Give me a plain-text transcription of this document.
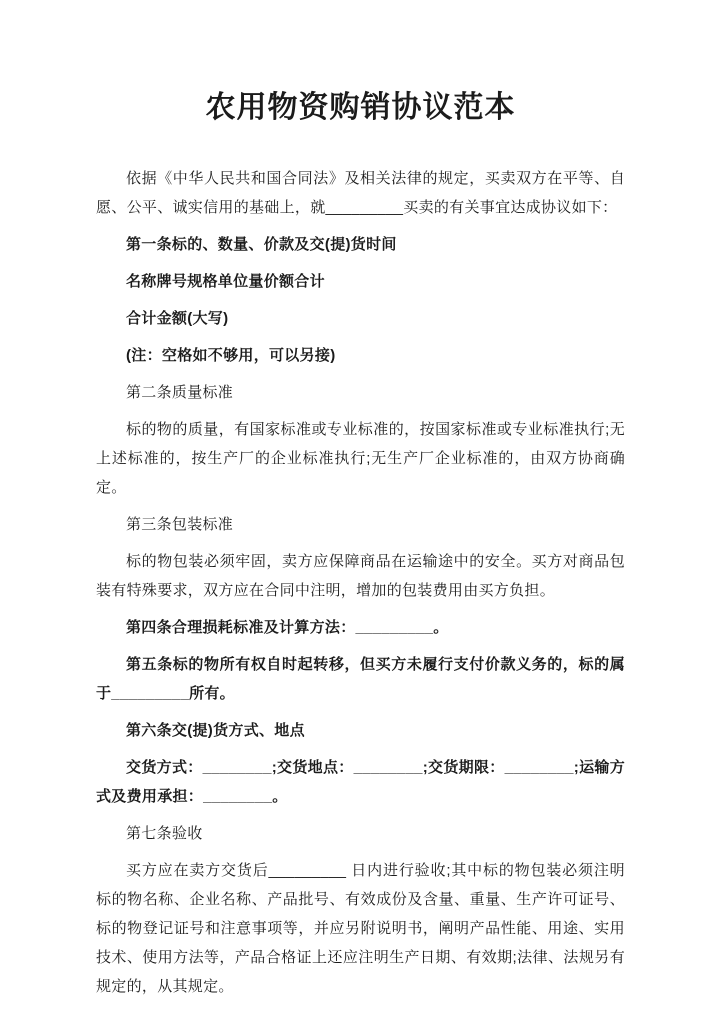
农用物资购销协议范本

依据《中华人民共和国合同法》及相关法律的规定，买卖双方在平等、自愿、公平、诚实信用的基础上，就_________买卖的有关事宜达成协议如下：

第一条标的、数量、价款及交(提)货时间

名称牌号规格单位量价额合计

合计金额(大写)

(注：空格如不够用，可以另接)

第二条质量标准

标的物的质量，有国家标准或专业标准的，按国家标准或专业标准执行;无上述标准的，按生产厂的企业标准执行;无生产厂企业标准的，由双方协商确定。

第三条包装标准

标的物包装必须牢固，卖方应保障商品在运输途中的安全。买方对商品包装有特殊要求，双方应在合同中注明，增加的包装费用由买方负担。

第四条合理损耗标准及计算方法：_________。

第五条标的物所有权自时起转移，但买方未履行支付价款义务的，标的属于_________所有。

第六条交(提)货方式、地点

交货方式：________;交货地点：________;交货期限：________;运输方式及费用承担：________。

第七条验收

买方应在卖方交货后_________ 日内进行验收;其中标的物包装必须注明标的物名称、企业名称、产品批号、有效成份及含量、重量、生产许可证号、标的物登记证号和注意事项等，并应另附说明书，阐明产品性能、用途、实用技术、使用方法等，产品合格证上还应注明生产日期、有效期;法律、法规另有规定的，从其规定。
